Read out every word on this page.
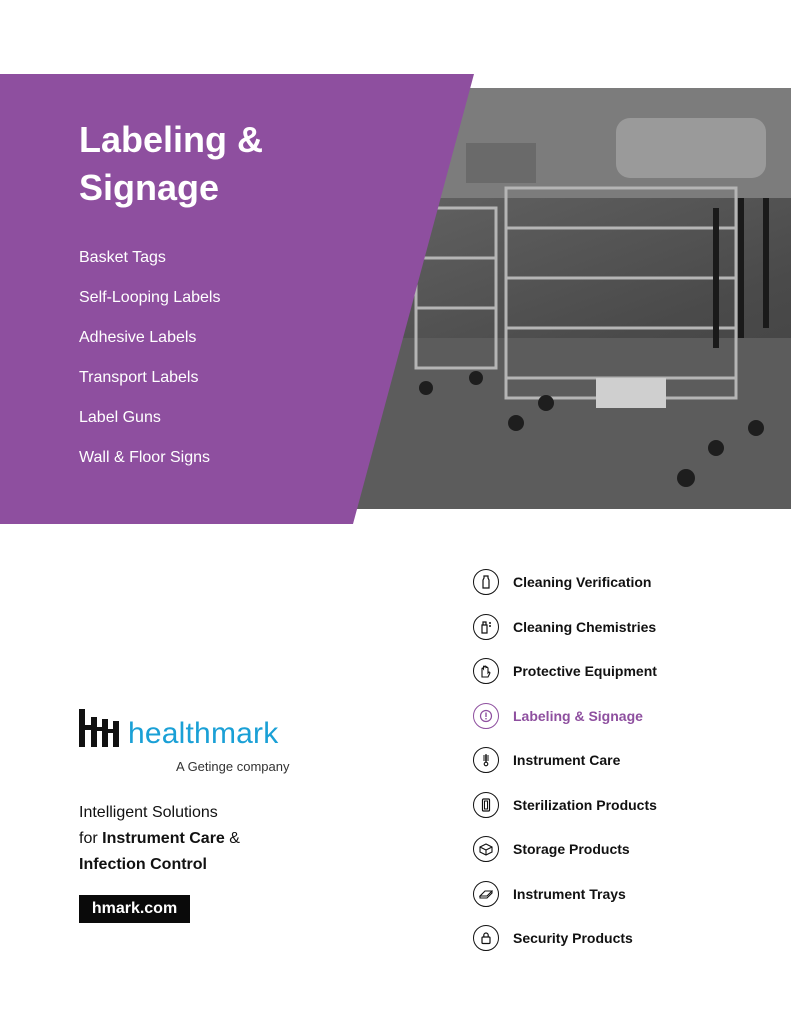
Labeling &
Signage
Basket Tags
Self-Looping Labels
Adhesive Labels
Transport Labels
Label Guns
Wall & Floor Signs
healthmark
A Getinge company
Intelligent Solutions
for Instrument Care &
Infection Control
hmark.com
Cleaning Verification
Cleaning Chemistries
Protective Equipment
Labeling & Signage
Instrument Care
Sterilization Products
Storage Products
Instrument Trays
Security Products
